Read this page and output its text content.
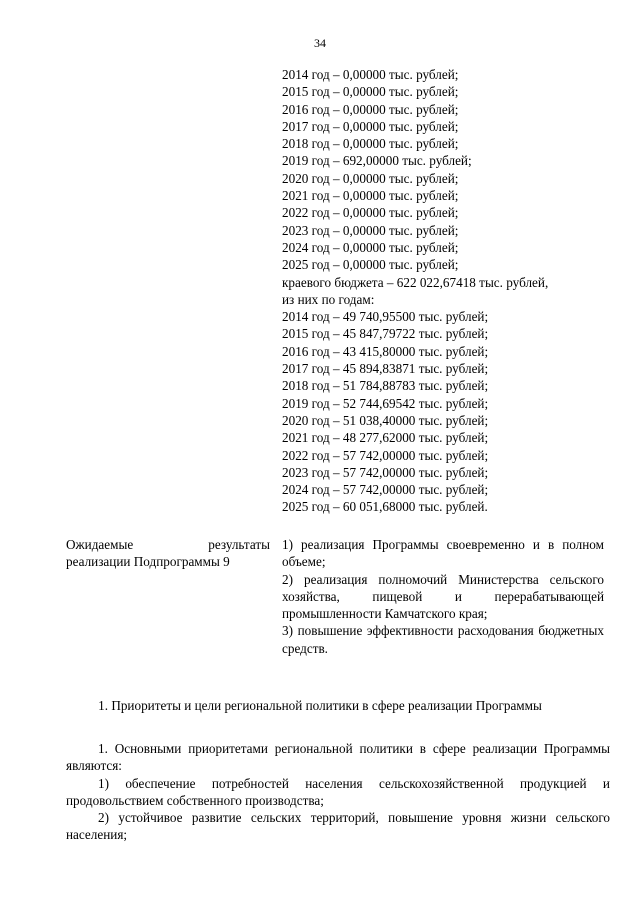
34
2014 год – 0,00000 тыс. рублей;
2015 год – 0,00000 тыс. рублей;
2016 год – 0,00000 тыс. рублей;
2017 год – 0,00000 тыс. рублей;
2018 год – 0,00000 тыс. рублей;
2019 год – 692,00000 тыс. рублей;
2020 год – 0,00000 тыс. рублей;
2021 год – 0,00000 тыс. рублей;
2022 год – 0,00000 тыс. рублей;
2023 год – 0,00000 тыс. рублей;
2024 год – 0,00000 тыс. рублей;
2025 год – 0,00000 тыс. рублей;
краевого бюджета – 622 022,67418 тыс. рублей,
из них по годам:
2014 год – 49 740,95500 тыс. рублей;
2015 год – 45 847,79722 тыс. рублей;
2016 год – 43 415,80000 тыс. рублей;
2017 год – 45 894,83871 тыс. рублей;
2018 год – 51 784,88783 тыс. рублей;
2019 год – 52 744,69542 тыс. рублей;
2020 год – 51 038,40000 тыс. рублей;
2021 год – 48 277,62000 тыс. рублей;
2022 год – 57 742,00000 тыс. рублей;
2023 год – 57 742,00000 тыс. рублей;
2024 год – 57 742,00000 тыс. рублей;
2025 год – 60 051,68000 тыс. рублей.
Ожидаемые	результаты
реализации Подпрограммы 9
1) реализация Программы своевременно и в полном объеме;
2) реализация полномочий Министерства сельского хозяйства, пищевой и перерабатывающей промышленности Камчатского края;
3) повышение эффективности расходования бюджетных средств.
1. Приоритеты и цели региональной политики в сфере реализации Программы

1. Основными приоритетами региональной политики в сфере реализации Программы являются:

1) обеспечение потребностей населения сельскохозяйственной продукцией и продовольствием собственного производства;

2) устойчивое развитие сельских территорий, повышение уровня жизни сельского населения;
